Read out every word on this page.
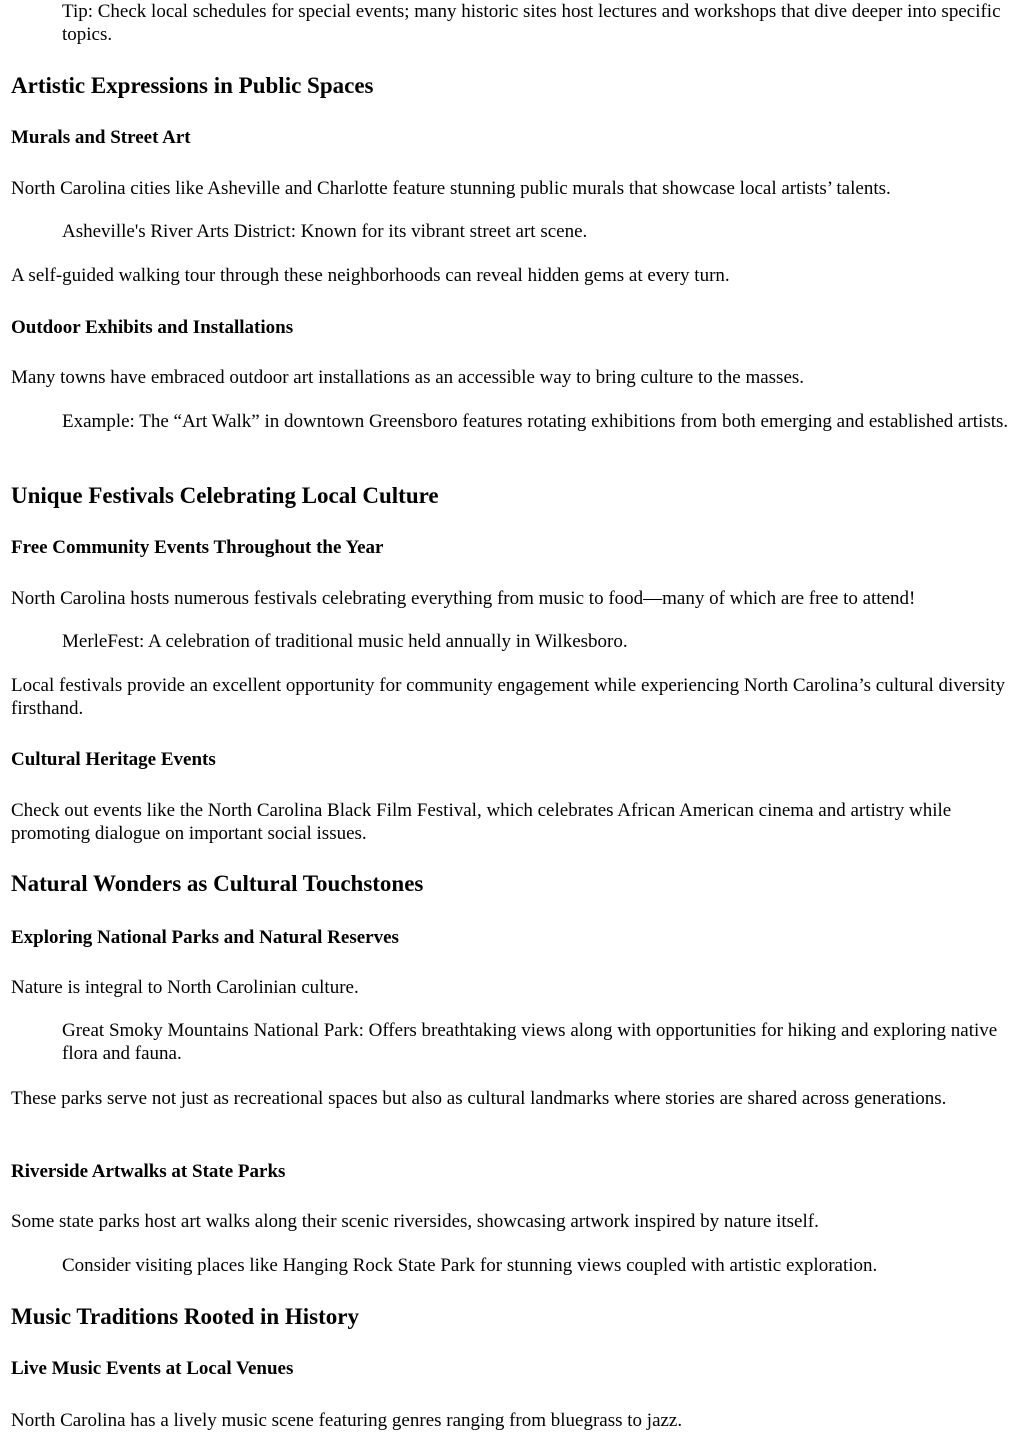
Tip: Check local schedules for special events; many historic sites host lectures and workshops that dive deeper into specific topics.

Artistic Expressions in Public Spaces
Murals and Street Art

North Carolina cities like Asheville and Charlotte feature stunning public murals that showcase local artists’ talents.

Asheville's River Arts District: Known for its vibrant street art scene.

A self-guided walking tour through these neighborhoods can reveal hidden gems at every turn.

Outdoor Exhibits and Installations

Many towns have embraced outdoor art installations as an accessible way to bring culture to the masses.

Example: The “Art Walk” in downtown Greensboro features rotating exhibitions from both emerging and established artists.

Unique Festivals Celebrating Local Culture
Free Community Events Throughout the Year

North Carolina hosts numerous festivals celebrating everything from music to food—many of which are free to attend!

MerleFest: A celebration of traditional music held annually in Wilkesboro.

Local festivals provide an excellent opportunity for community engagement while experiencing North Carolina’s cultural diversity firsthand.

Cultural Heritage Events

Check out events like the North Carolina Black Film Festival, which celebrates African American cinema and artistry while promoting dialogue on important social issues.

Natural Wonders as Cultural Touchstones
Exploring National Parks and Natural Reserves

Nature is integral to North Carolinian culture.

Great Smoky Mountains National Park: Offers breathtaking views along with opportunities for hiking and exploring native flora and fauna.

These parks serve not just as recreational spaces but also as cultural landmarks where stories are shared across generations.

Riverside Artwalks at State Parks

Some state parks host art walks along their scenic riversides, showcasing artwork inspired by nature itself.

Consider visiting places like Hanging Rock State Park for stunning views coupled with artistic exploration.

Music Traditions Rooted in History
Live Music Events at Local Venues

North Carolina has a lively music scene featuring genres ranging from bluegrass to jazz.
